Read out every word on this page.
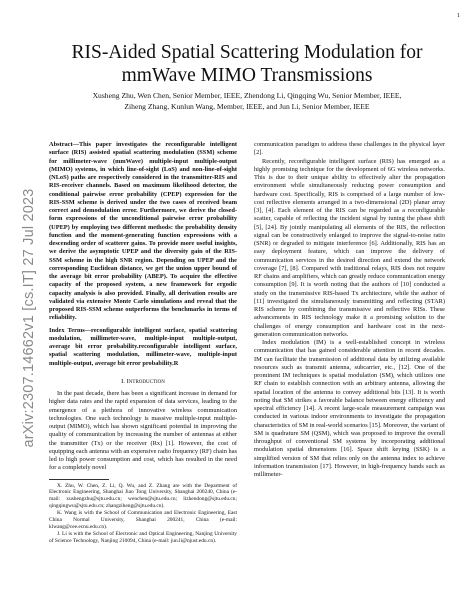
1
arXiv:2307.14662v1 [cs.IT] 27 Jul 2023
RIS-Aided Spatial Scattering Modulation for
mmWave MIMO Transmissions
Xusheng Zhu, Wen Chen, Senior Member, IEEE, Zhendong Li, Qingqing Wu, Senior Member, IEEE,
Ziheng Zhang, Kunlun Wang, Member, IEEE, and Jun Li, Senior Member, IEEE

Abstract—This paper investigates the reconfigurable intelligent surface (RIS) assisted spatial scattering modulation (SSM) scheme for millimeter-wave (mmWave) multiple-input multiple-output (MIMO) systems, in which line-of-sight (LoS) and non-line-of-sight (NLoS) paths are respectively considered in the transmitter-RIS and RIS-receiver channels. Based on maximum likelihood detector, the conditional pairwise error probability (CPEP) expression for the RIS-SSM scheme is derived under the two cases of received beam correct and demodulation error. Furthermore, we derive the closed-form expressions of the unconditional pairwise error probability (UPEP) by employing two different methods: the probability density function and the moment-generating function expressions with a descending order of scatterer gains. To provide more useful insights, we derive the asymptotic UPEP and the diversity gain of the RIS-SSM scheme in the high SNR region. Depending on UPEP and the corresponding Euclidean distance, we get the union upper bound of the average bit error probability (ABEP). To acquire the effective capacity of the proposed system, a new framework for ergodic capacity analysis is also provided. Finally, all derivation results are validated via extensive Monte Carlo simulations and reveal that the proposed RIS-SSM scheme outperforms the benchmarks in terms of reliability.

Index Terms—reconfigurable intelligent surface, spatial scattering modulation, millimeter-wave, multiple-input multiple-output, average bit error probability.reconfigurable intelligent surface, spatial scattering modulation, millimeter-wave, multiple-input multiple-output, average bit error probability.R

I. Introduction

In the past decade, there has been a significant increase in demand for higher data rates and the rapid expansion of data services, leading to the emergence of a plethora of innovative wireless communication technologies. One such technology is massive multiple-input multiple-output (MIMO), which has shown significant potential in improving the quality of communication by increasing the number of antennas at either the transmitter (Tx) or the receiver (Rx) [1]. However, the cost of equipping each antenna with an expensive radio frequency (RF) chain has led to high power consumption and cost, which has resulted in the need for a completely novel

X. Zhu, W. Chen, Z. Li, Q. Wu, and Z. Zhang are with the Department of Electronic Engineering, Shanghai Jiao Tong University, Shanghai 200240, China (e-mail: xushengzhu@sjtu.edu.cn; wenchen@sjtu.edu.cn; lizhendong@sjtu.edu.cn; qingqingwu@sjtu.edu.cn; zhangziheng@sjtu.edu.cn).

K. Wang is with the School of Communication and Electronic Engineering, East China Normal University, Shanghai 200241, China (e-mail: klwang@cee.ecnu.edu.cn).

J. Li is with the School of Electronic and Optical Engineering, Nanjing University of Science Technology, Nanjing 210094, China (e-mail: jun.li@njust.edu.cn).

communication paradigm to address these challenges in the physical layer [2].

Recently, reconfigurable intelligent surface (RIS) has emerged as a highly promising technique for the development of 6G wireless networks. This is due to their unique ability to effectively alter the propagation environment while simultaneously reducing power consumption and hardware cost. Specifically, RIS is comprised of a large number of low-cost reflective elements arranged in a two-dimensional (2D) planar array [3], [4]. Each element of the RIS can be regarded as a reconfigurable scatter, capable of reflecting the incident signal by tuning the phase shift [5], [24]. By jointly manipulating all elements of the RIS, the reflection signal can be constructively enlarged to improve the signal-to-noise ratio (SNR) or degraded to mitigate interference [6]. Additionally, RIS has an easy deployment feature, which can improve the delivery of communication services in the desired direction and extend the network coverage [7], [8]. Compared with traditional relays, RIS does not require RF chains and amplifiers, which can greatly reduce communication energy consumption [9]. It is worth noting that the authors of [10] conducted a study on the transmissive RIS-based Tx architecture, while the author of [11] investigated the simultaneously transmitting and reflecting (STAR) RIS scheme by combining the transmissive and reflective RISs. These advancements in RIS technology make it a promising solution to the challenges of energy consumption and hardware cost in the next-generation communication networks.

Index modulation (IM) is a well-established concept in wireless communication that has gained considerable attention in recent decades. IM can facilitate the transmission of additional data by utilizing available resources such as transmit antenna, subcarrier, etc., [12]. One of the prominent IM techniques is spatial modulation (SM), which utilizes one RF chain to establish connection with an arbitrary antenna, allowing the spatial location of the antenna to convey additional bits [13]. It is worth noting that SM strikes a favorable balance between energy efficiency and spectral efficiency [14]. A recent large-scale measurement campaign was conducted in various indoor environments to investigate the propagation characteristics of SM in real-world scenarios [15]. Moreover, the variant of SM is quadrature SM (QSM), which was proposed to improve the overall throughput of conventional SM systems by incorporating additional modulation spatial dimensions [16]. Space shift keying (SSK) is a simplified version of SM that relies only on the antenna index to achieve information transmission [17]. However, in high-frequency bands such as millimeter-
